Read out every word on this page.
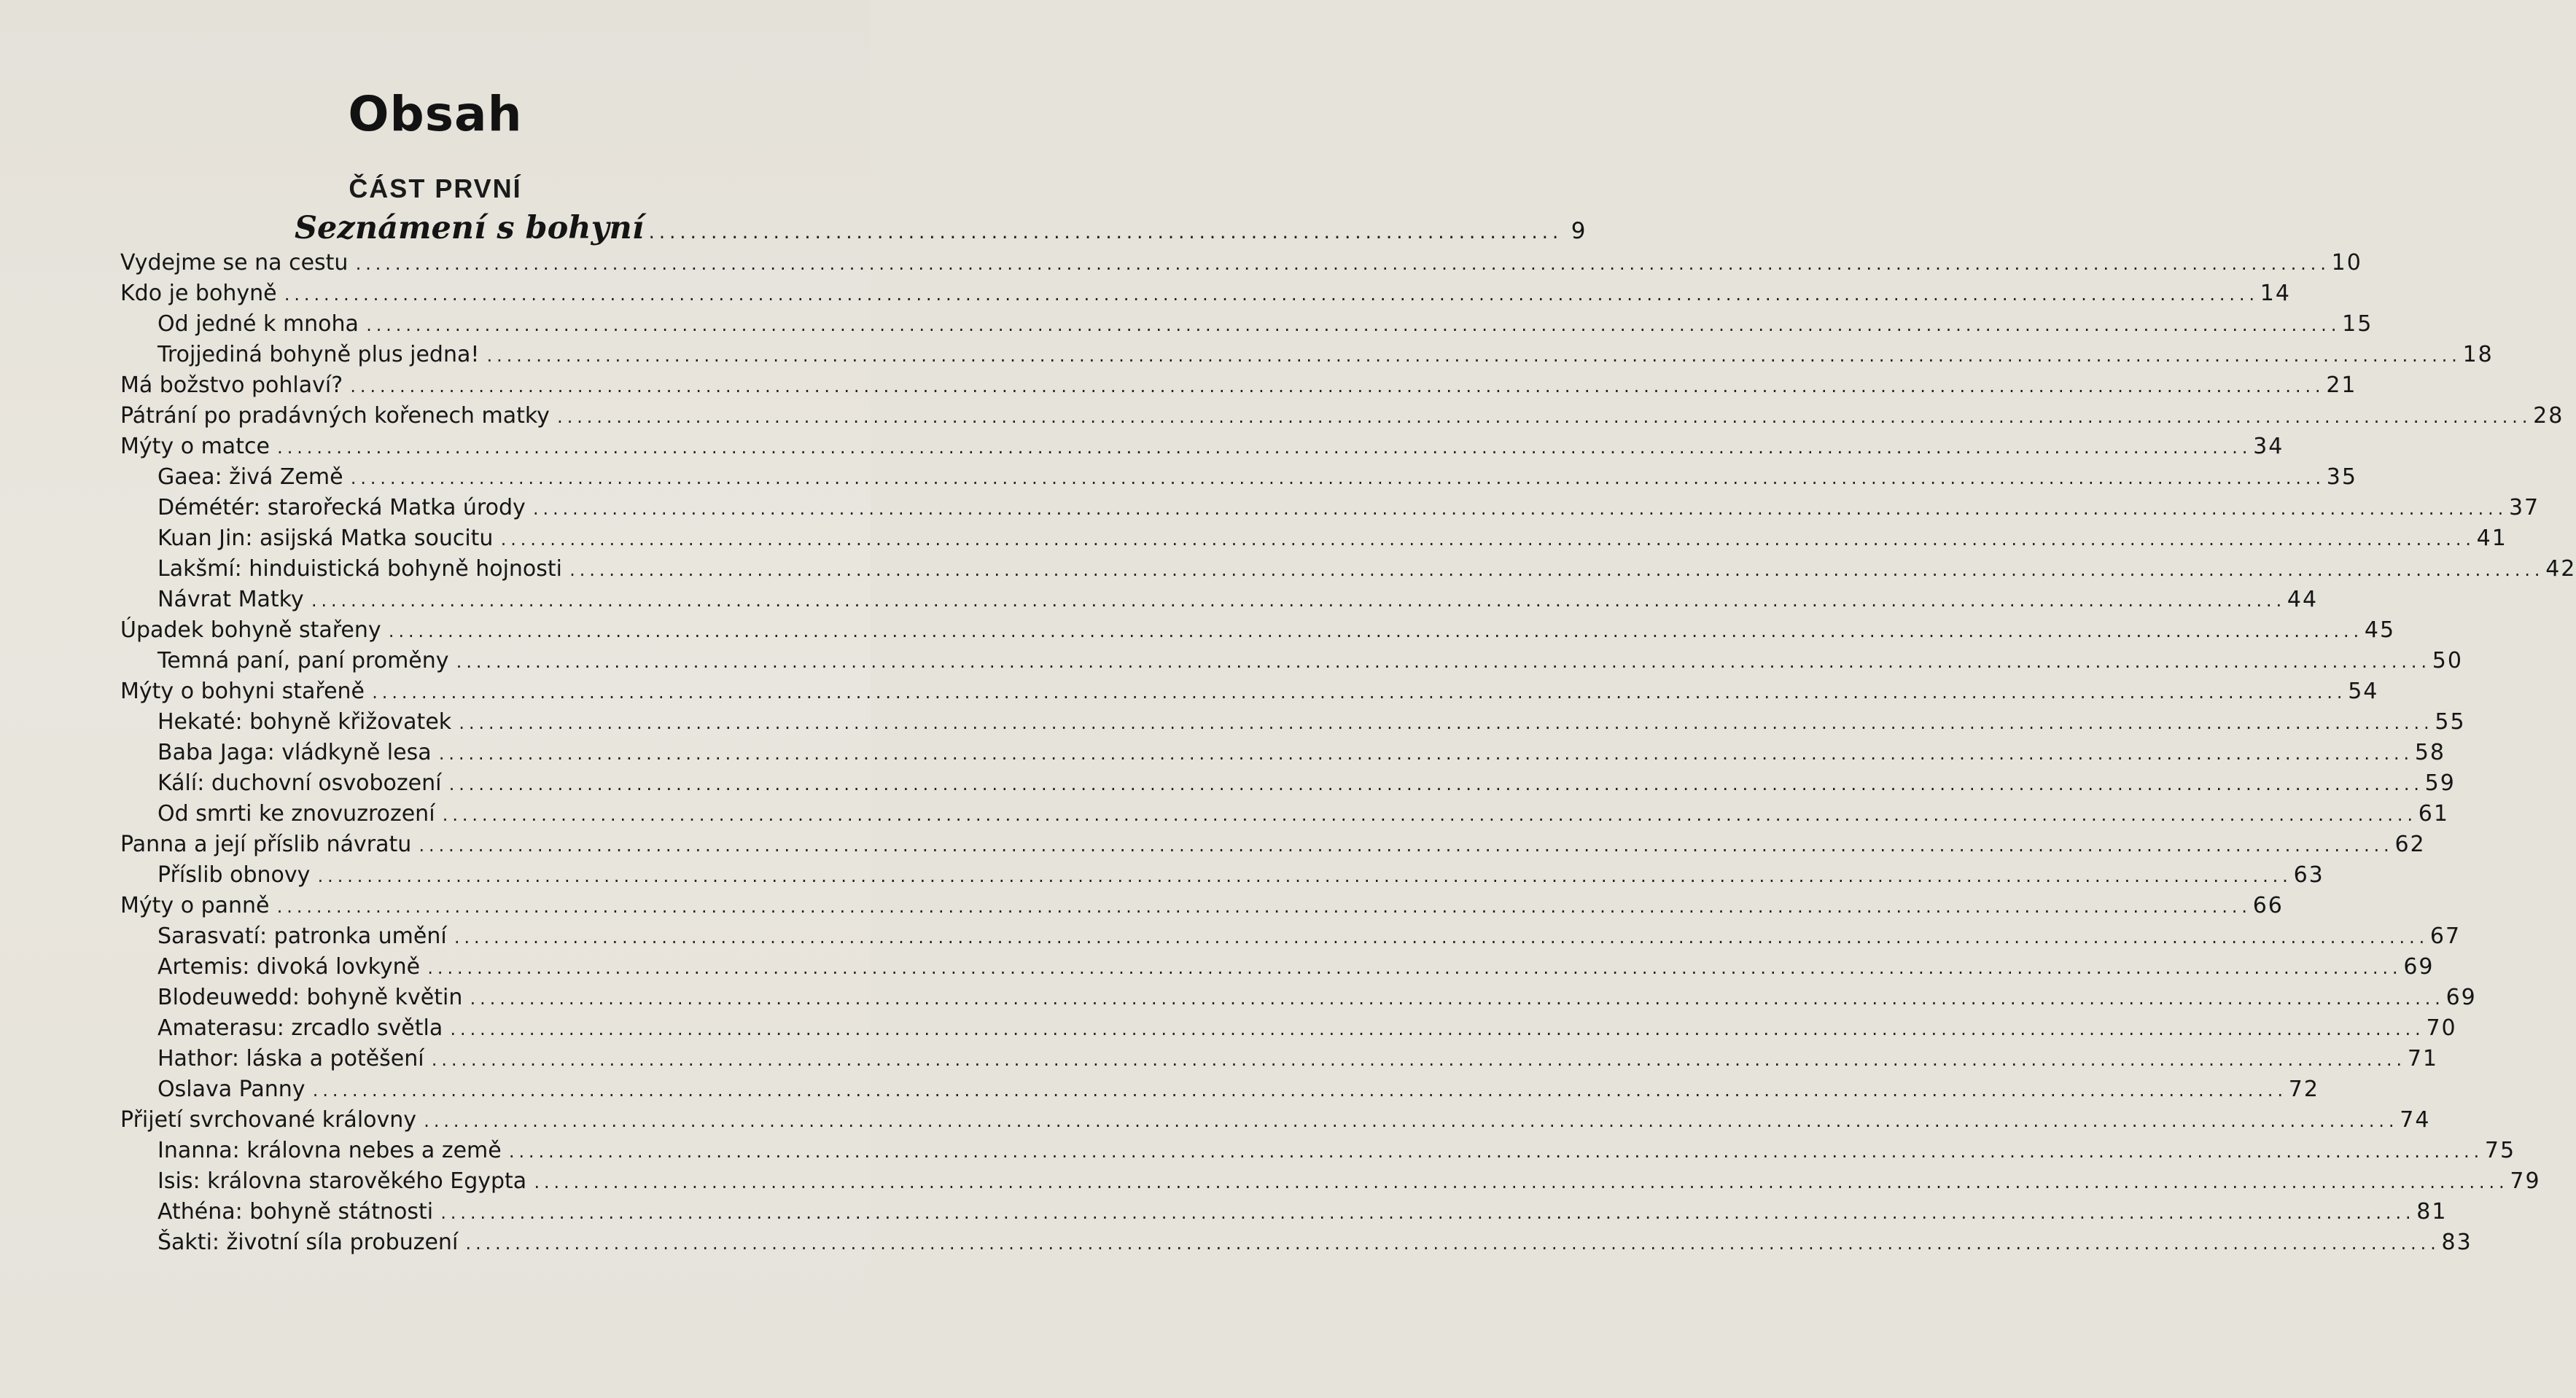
Obsah
ČÁST PRVNÍ
Seznámení s bohyní ........................................................................................ 9
Vydejme se na cestu ........................................................................................................................................................................................................ 10
Kdo je bohyně ........................................................................................................................................................................................................ 14
Od jedné k mnoha ........................................................................................................................................................................................................ 15
Trojjediná bohyně plus jedna! ........................................................................................................................................................................................................ 18
Má božstvo pohlaví? ........................................................................................................................................................................................................ 21
Pátrání po pradávných kořenech matky ........................................................................................................................................................................................................ 28
Mýty o matce ........................................................................................................................................................................................................ 34
Gaea: živá Země ........................................................................................................................................................................................................ 35
Démétér: starořecká Matka úrody ........................................................................................................................................................................................................ 37
Kuan Jin: asijská Matka soucitu ........................................................................................................................................................................................................ 41
Lakšmí: hinduistická bohyně hojnosti ........................................................................................................................................................................................................ 42
Návrat Matky ........................................................................................................................................................................................................ 44
Úpadek bohyně stařeny ........................................................................................................................................................................................................ 45
Temná paní, paní proměny ........................................................................................................................................................................................................ 50
Mýty o bohyni stařeně ........................................................................................................................................................................................................ 54
Hekaté: bohyně křižovatek ........................................................................................................................................................................................................ 55
Baba Jaga: vládkyně lesa ........................................................................................................................................................................................................ 58
Kálí: duchovní osvobození ........................................................................................................................................................................................................ 59
Od smrti ke znovuzrození ........................................................................................................................................................................................................ 61
Panna a její příslib návratu ........................................................................................................................................................................................................ 62
Příslib obnovy ........................................................................................................................................................................................................ 63
Mýty o panně ........................................................................................................................................................................................................ 66
Sarasvatí: patronka umění ........................................................................................................................................................................................................ 67
Artemis: divoká lovkyně ........................................................................................................................................................................................................ 69
Blodeuwedd: bohyně květin ........................................................................................................................................................................................................ 69
Amaterasu: zrcadlo světla ........................................................................................................................................................................................................ 70
Hathor: láska a potěšení ........................................................................................................................................................................................................ 71
Oslava Panny ........................................................................................................................................................................................................ 72
Přijetí svrchované královny ........................................................................................................................................................................................................ 74
Inanna: královna nebes a země ........................................................................................................................................................................................................ 75
Isis: královna starověkého Egypta ........................................................................................................................................................................................................ 79
Athéna: bohyně státnosti ........................................................................................................................................................................................................ 81
Šakti: životní síla probuzení ........................................................................................................................................................................................................ 83
